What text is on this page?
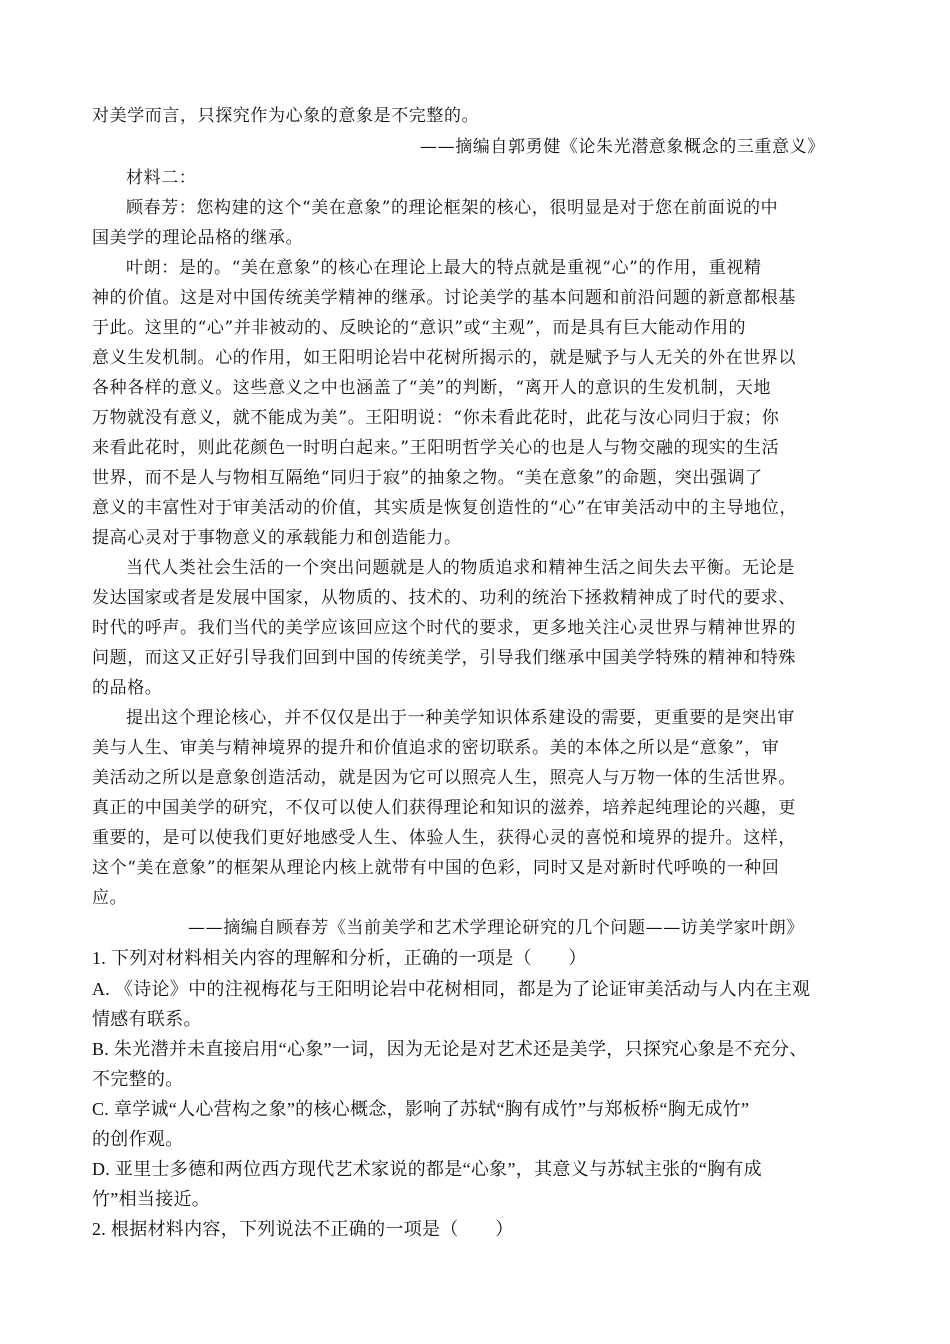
对美学而言，只探究作为心象的意象是不完整的。
——摘编自郭勇健《论朱光潜意象概念的三重意义》
材料二：
顾春芳：您构建的这个“美在意象”的理论框架的核心，很明显是对于您在前面说的中
国美学的理论品格的继承。
叶朗：是的。“美在意象”的核心在理论上最大的特点就是重视“心”的作用，重视精
神的价值。这是对中国传统美学精神的继承。讨论美学的基本问题和前沿问题的新意都根基
于此。这里的“心”并非被动的、反映论的“意识”或“主观”，而是具有巨大能动作用的
意义生发机制。心的作用，如王阳明论岩中花树所揭示的，就是赋予与人无关的外在世界以
各种各样的意义。这些意义之中也涵盖了“美”的判断，“离开人的意识的生发机制，天地
万物就没有意义，就不能成为美”。王阳明说：“你未看此花时，此花与汝心同归于寂；你
来看此花时，则此花颜色一时明白起来。”王阳明哲学关心的也是人与物交融的现实的生活
世界，而不是人与物相互隔绝“同归于寂”的抽象之物。“美在意象”的命题，突出强调了
意义的丰富性对于审美活动的价值，其实质是恢复创造性的“心”在审美活动中的主导地位，
提高心灵对于事物意义的承载能力和创造能力。
当代人类社会生活的一个突出问题就是人的物质追求和精神生活之间失去平衡。无论是
发达国家或者是发展中国家，从物质的、技术的、功利的统治下拯救精神成了时代的要求、
时代的呼声。我们当代的美学应该回应这个时代的要求，更多地关注心灵世界与精神世界的
问题，而这又正好引导我们回到中国的传统美学，引导我们继承中国美学特殊的精神和特殊
的品格。
提出这个理论核心，并不仅仅是出于一种美学知识体系建设的需要，更重要的是突出审
美与人生、审美与精神境界的提升和价值追求的密切联系。美的本体之所以是“意象”，审
美活动之所以是意象创造活动，就是因为它可以照亮人生，照亮人与万物一体的生活世界。
真正的中国美学的研究，不仅可以使人们获得理论和知识的滋养，培养起纯理论的兴趣，更
重要的，是可以使我们更好地感受人生、体验人生，获得心灵的喜悦和境界的提升。这样，
这个“美在意象”的框架从理论内核上就带有中国的色彩，同时又是对新时代呼唤的一种回
应。
——摘编自顾春芳《当前美学和艺术学理论研究的几个问题——访美学家叶朗》
1. 下列对材料相关内容的理解和分析，正确的一项是（　　）
A. 《诗论》中的注视梅花与王阳明论岩中花树相同，都是为了论证审美活动与人内在主观
情感有联系。
B. 朱光潜并未直接启用“心象”一词，因为无论是对艺术还是美学，只探究心象是不充分、
不完整的。
C. 章学诚“人心营构之象”的核心概念，影响了苏轼“胸有成竹”与郑板桥“胸无成竹”
的创作观。
D. 亚里士多德和两位西方现代艺术家说的都是“心象”，其意义与苏轼主张的“胸有成
竹”相当接近。
2. 根据材料内容，下列说法不正确的一项是（　　）
